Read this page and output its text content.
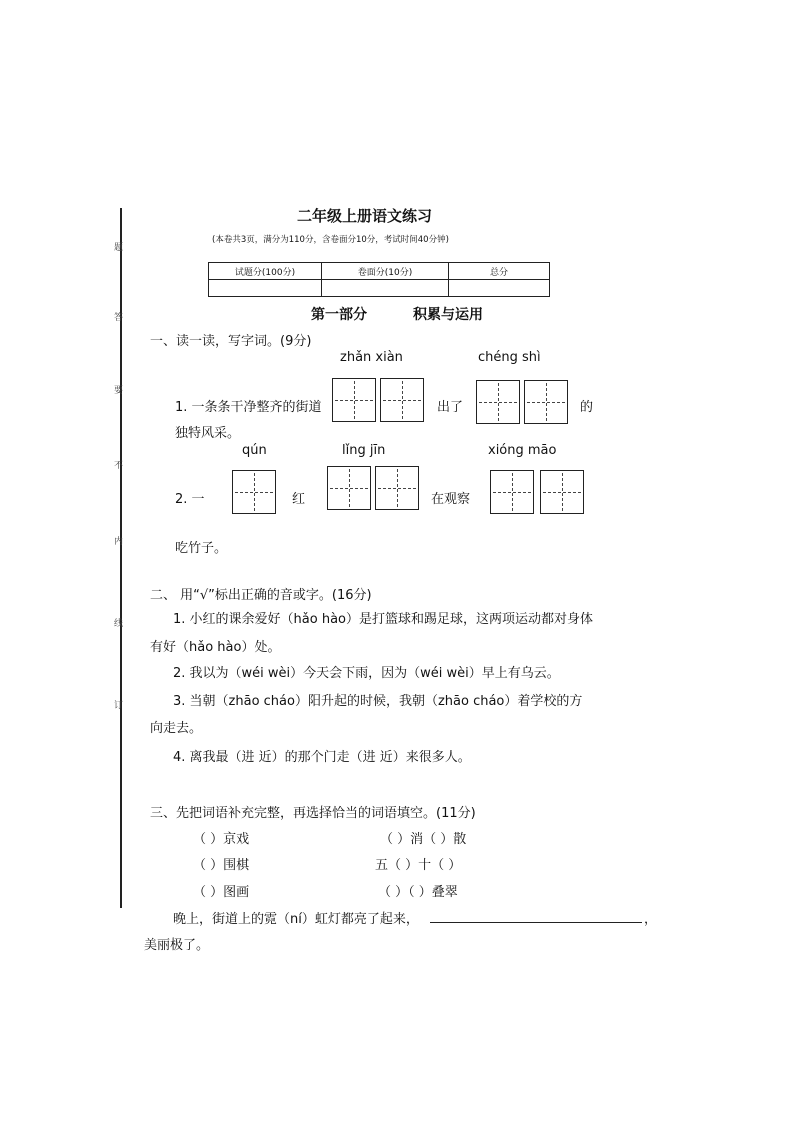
题
答
要
不
内
线
订
二年级上册语文练习
(本卷共3页，满分为110分，含卷面分10分，考试时间40分钟)
试题分(100分)	卷面分(10分)	总分

第一部分	积累与运用
一、读一读，写字词。(9分)
zhǎn xiàn	chéng shì
1. 一条条干净整齐的街道	出了	的
独特风采。
qún	lǐng jīn	xióng māo
2. 一	红	在观察
吃竹子。
二、 用“√”标出正确的音或字。(16分)
1. 小红的课余爱好（hǎo hào）是打篮球和踢足球，这两项运动都对身体
有好（hǎo hào）处。
2. 我以为（wéi wèi）今天会下雨，因为（wéi wèi）早上有乌云。
3. 当朝（zhāo cháo）阳升起的时候，我朝（zhāo cháo）着学校的方
向走去。
4. 离我最（进 近）的那个门走（进 近）来很多人。
三、先把词语补充完整，再选择恰当的词语填空。(11分)
（ ）京戏	（ ）消（ ）散
（ ）围棋	五（ ）十（ ）
（ ）图画	（ ）（ ）叠翠
晚上，街道上的霓（ní）虹灯都亮了起来，	，
美丽极了。
